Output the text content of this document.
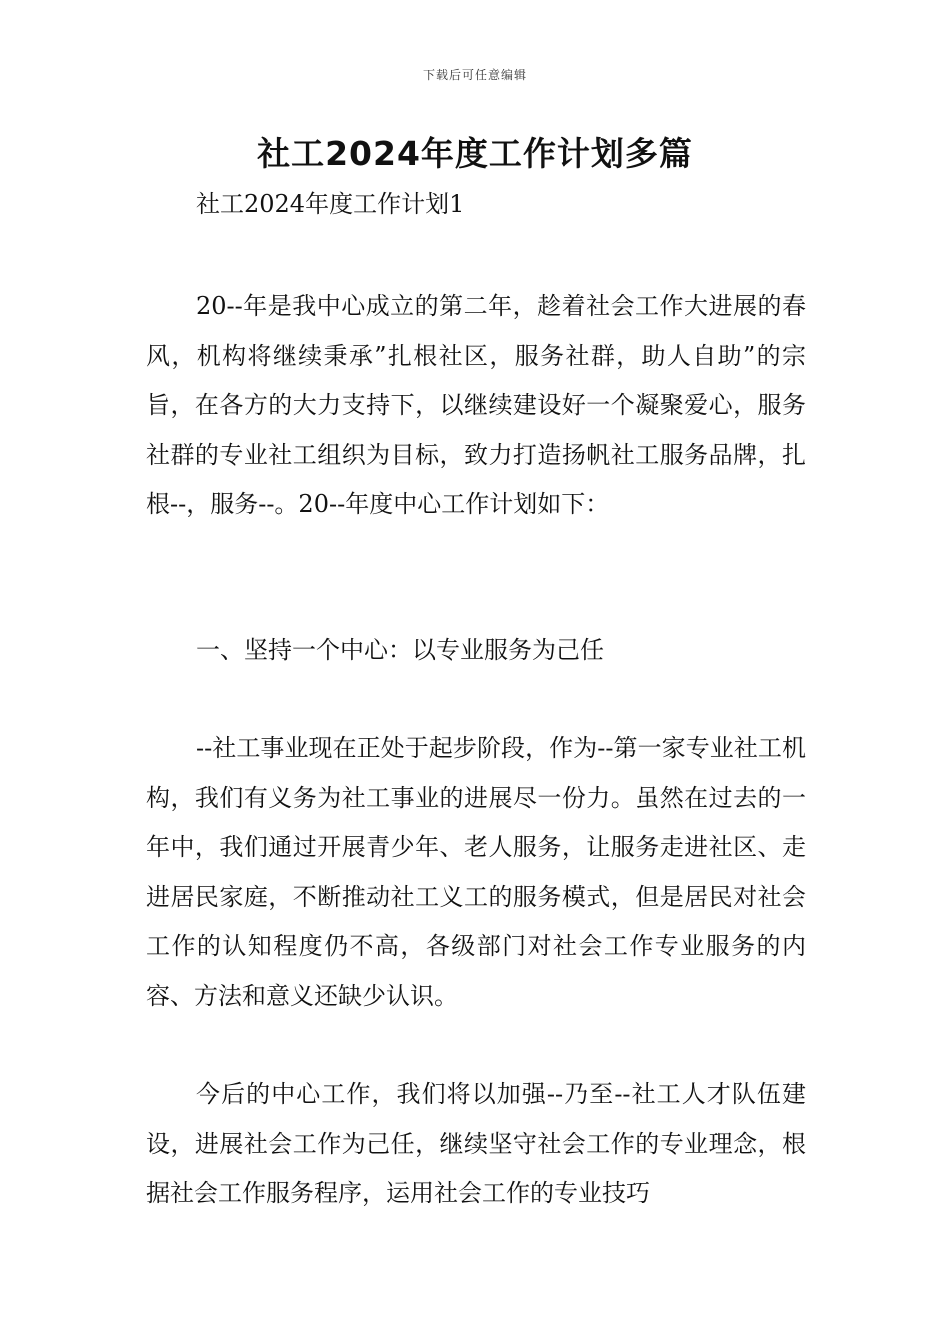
下载后可任意编辑
社工2024年度工作计划多篇

社工2024年度工作计划1

20--年是我中心成立的第二年，趁着社会工作大进展的春风，机构将继续秉承”扎根社区，服务社群，助人自助”的宗旨，在各方的大力支持下，以继续建设好一个凝聚爱心，服务社群的专业社工组织为目标，致力打造扬帆社工服务品牌，扎根--，服务--。20--年度中心工作计划如下：

一、坚持一个中心：以专业服务为己任

--社工事业现在正处于起步阶段，作为--第一家专业社工机构，我们有义务为社工事业的进展尽一份力。虽然在过去的一年中，我们通过开展青少年、老人服务，让服务走进社区、走进居民家庭，不断推动社工义工的服务模式，但是居民对社会工作的认知程度仍不高，各级部门对社会工作专业服务的内容、方法和意义还缺少认识。

今后的中心工作，我们将以加强--乃至--社工人才队伍建设，进展社会工作为己任，继续坚守社会工作的专业理念，根据社会工作服务程序，运用社会工作的专业技巧
